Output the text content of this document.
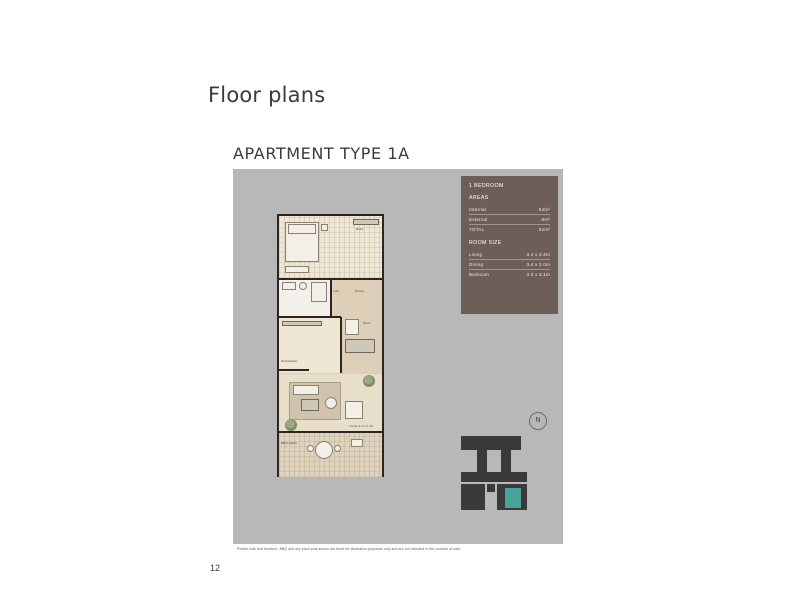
Floor plans
APARTMENT TYPE 1A
Robe
Ldry	Pantry
Store
Dishwasher
Living 3.4 x 2.4m
BBQ Hatch
1 BEDROOM
AREAS
Internal	54m²
External	8m²
TOTAL	62m²
ROOM SIZE
Living	3.4 x 2.4m
Dining	3.4 x 2.0m
Bedroom	3.0 x 3.1m
N
Please note that furniture, BBQ and any plant pots shown are there for illustrative purposes only and are not included in the contract of sale.
12
